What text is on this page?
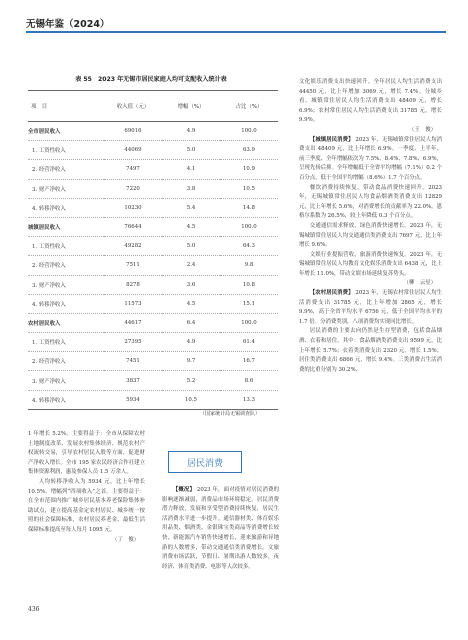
无锡年鉴（2024）
表 55　2023 年无锡市居民家庭人均可支配收入统计表
项　目	收入值（元）	增幅（%）	占比（%）
全市居民收入	69016	4.9	100.0
1. 工资性收入	44069	5.0	63.9
2. 经营净收入	7497	4.1	10.9
3. 财产净收入	7220	3.8	10.5
4. 转移净收入	10230	5.4	14.8
城镇居民收入	76644	4.5	100.0
1. 工资性收入	49282	5.0	64.3
2. 经营净收入	7511	2.4	9.8
3. 财产净收入	8278	3.6	10.8
4. 转移净收入	11573	4.5	15.1
农村居民收入	44617	6.4	100.0
1. 工资性收入	27395	4.9	61.4
2. 经营净收入	7451	9.7	16.7
3. 财产净收入	3837	5.2	8.6
4. 转移净收入	5934	10.5	13.3
（国家统计局无锡调查队）

1 年增长 5.2%。主要得益于：全市从保障农村土地制度改革、发展农村集体经济、规范农村产权流转交易，引导农村居民入股等方面，促进财产净收入增长。全市 195 家农民经济合作社建立集体资源利润，惠及参保人员 1.5 万余人。

人均转移净收入为 5934 元，比上年增长 10.5%，增幅列“四项收入”之首。主要得益于：在全市范围内推广城乡居民基本养老保险集体补助试点，建立提高基金定农村居民、城乡统一按照的社会保障标准，农村居民养老金、最低生活保障标准提高至每人每月 1095 元。

（丁　俊）
居民消费

【概况】 2023 年，面对疫情对居民消费的影响逐渐减弱，消费品市场环境稳定，居民消费潜力释放，发展和享受型消费持续恢复，居民生活消费水平进一步提升。通信器材类、体育娱乐用品类、烟酒类、金银珠宝类商品等消费增长较快，新能源汽车销售快速增长，迎来旅游和异地游的人数增多，带动交通通信类消费增长。文旅消费市场活跃，节假日、暑期出游人数较多，夜经济、体育类消费、电影等人次较多。

文化娱乐消费支出快速回升。全年居民人均生活消费支出 44450 元，比上年增加 3069 元，增长 7.4%。分城乡看，城镇常住居民人均生活消费支出 48409 元，增长 6.9%；农村常住居民人均生活消费支出 31785 元，增长 9.9%。

（王　俊）

【城镇居民消费】 2023 年，无锡城镇常住居民人均消费支出 48409 元，比上年增长 6.9%。一季度、上半年、前三季度、全年增幅依次为 7.5%、8.4%、7.8%、6.9%，呈现先扬后抑。全年增幅低于全省平均增幅（7.1%）0.2 个百分点，低于全国平均增幅（8.6%）1.7 个百分点。

餐饮消费持续恢复，带动食品消费快速回升。2023 年，无锡城镇常住居民人均食品烟酒类消费支出 12829 元，比上年增长 5.6%，对消费增长的贡献率为 22.0%。恩格尔系数为 26.5%，较上年降低 0.3 个百分点。

交通通信需求释放，绿色消费快速增长。2023 年，无锡城镇常住居民人均交通通信类消费支出 7697 元，比上年增长 9.6%。

文娱行业提振营收，旅游消费快速恢复。2023 年，无锡城镇常住居民人均教育文化娱乐消费支出 6438 元，比上年增长 11.0%，带动文娱市场延续复苏势头。

（柳　云星）

【农村居民消费】 2023 年，无锡农村常住居民人均生活消费支出 31785 元，比上年增加 2865 元，增长 9.9%，高于全省平均水平 6756 元，低于全国平均水平的 1.7 倍。分消费类别，八项消费均实现同比增长。

居民消费的主要去向仍然是生存型消费，包括食品烟酒、衣着和居住。其中：食品烟酒类消费支出 9599 元，比上年增长 5.7%；衣着类消费支出 2320 元，增长 1.5%；居住类消费支出 6866 元，增长 9.4%。三类消费占生活消费的比重分别为 30.2%、

436
